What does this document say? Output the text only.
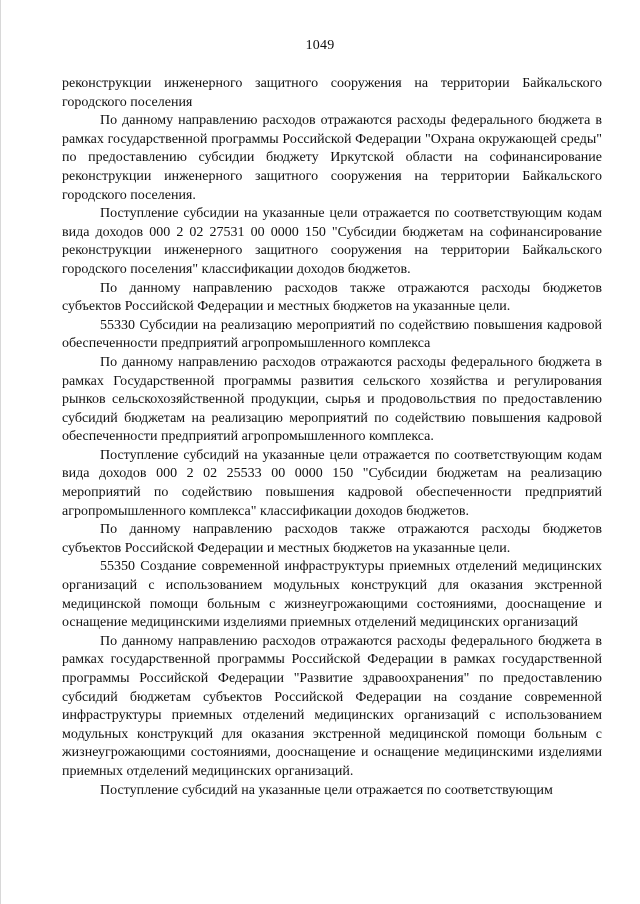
1049

реконструкции инженерного защитного сооружения на территории Байкальского городского поселения

По данному направлению расходов отражаются расходы федерального бюджета в рамках государственной программы Российской Федерации "Охрана окружающей среды" по предоставлению субсидии бюджету Иркутской области на софинансирование реконструкции инженерного защитного сооружения на территории Байкальского городского поселения.

Поступление субсидии на указанные цели отражается по соответствующим кодам вида доходов 000 2 02 27531 00 0000 150 "Субсидии бюджетам на софинансирование реконструкции инженерного защитного сооружения на территории Байкальского городского поселения" классификации доходов бюджетов.

По данному направлению расходов также отражаются расходы бюджетов субъектов Российской Федерации и местных бюджетов на указанные цели.

55330 Субсидии на реализацию мероприятий по содействию повышения кадровой обеспеченности предприятий агропромышленного комплекса

По данному направлению расходов отражаются расходы федерального бюджета в рамках Государственной программы развития сельского хозяйства и регулирования рынков сельскохозяйственной продукции, сырья и продовольствия по предоставлению субсидий бюджетам на реализацию мероприятий по содействию повышения кадровой обеспеченности предприятий агропромышленного комплекса.

Поступление субсидий на указанные цели отражается по соответствующим кодам вида доходов 000 2 02 25533 00 0000 150 "Субсидии бюджетам на реализацию мероприятий по содействию повышения кадровой обеспеченности предприятий агропромышленного комплекса" классификации доходов бюджетов.

По данному направлению расходов также отражаются расходы бюджетов субъектов Российской Федерации и местных бюджетов на указанные цели.

55350 Создание современной инфраструктуры приемных отделений медицинских организаций с использованием модульных конструкций для оказания экстренной медицинской помощи больным с жизнеугрожающими состояниями, дооснащение и оснащение медицинскими изделиями приемных отделений медицинских организаций

По данному направлению расходов отражаются расходы федерального бюджета в рамках государственной программы Российской Федерации в рамках государственной программы Российской Федерации "Развитие здравоохранения" по предоставлению субсидий бюджетам субъектов Российской Федерации на создание современной инфраструктуры приемных отделений медицинских организаций с использованием модульных конструкций для оказания экстренной медицинской помощи больным с жизнеугрожающими состояниями, дооснащение и оснащение медицинскими изделиями приемных отделений медицинских организаций.

Поступление субсидий на указанные цели отражается по соответствующим
